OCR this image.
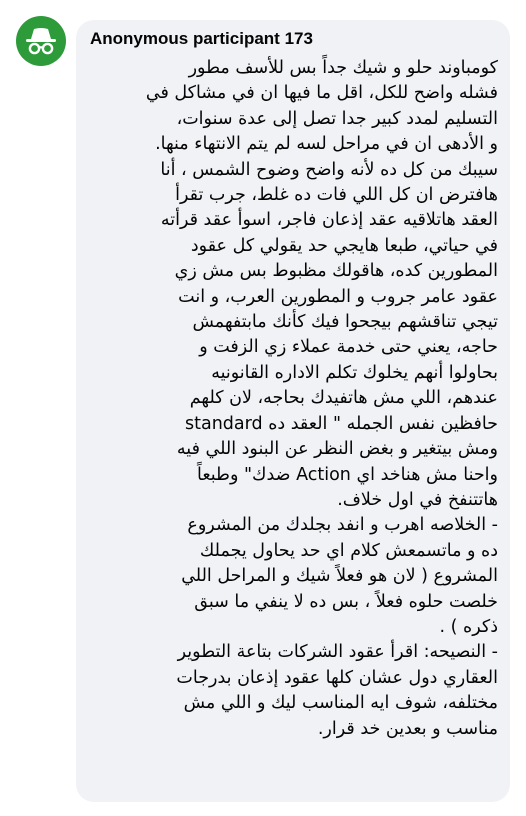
Anonymous participant 173
كومباوند حلو و شيك جداً بس للأسف مطور
فشله واضح للكل، اقل ما فيها ان في مشاكل في
التسليم لمدد كبير جدا تصل إلى عدة سنوات،
و الأدهى ان في مراحل لسه لم يتم الانتهاء منها.
سيبك من كل ده لأنه واضح وضوح الشمس ، أنا
هافترض ان كل اللي فات ده غلط، جرب تقرأ
العقد هاتلاقيه عقد إذعان فاجر، اسوأ عقد قرأته
في حياتي، طبعا هايجي حد يقولي كل عقود
المطورين كده، هاقولك مظبوط بس مش زي
عقود عامر جروب و المطورين العرب، و انت
تيجي تناقشهم بيجحوا فيك كأنك مابتفهمش
حاجه، يعني حتى خدمة عملاء زي الزفت و
بحاولوا أنهم يخلوك تكلم الاداره القانونيه
عندهم، اللي مش هاتفيدك بحاجه، لان كلهم
حافظين نفس الجمله " العقد ده standard
ومش بيتغير و بغض النظر عن البنود اللي فيه
واحنا مش هناخد اي Action ضدك" وطبعاً
هاتتنفخ في اول خلاف.
- الخلاصه اهرب و انفد بجلدك من المشروع
ده و ماتسمعش كلام اي حد يحاول يجملك
المشروع ( لان هو فعلاً شيك و المراحل اللي
خلصت حلوه فعلاً ، بس ده لا ينفي ما سبق
ذكره ) .
- النصيحه: اقرأ عقود الشركات بتاعة التطوير
العقاري دول عشان كلها عقود إذعان بدرجات
مختلفه، شوف ايه المناسب ليك و اللي مش
مناسب و بعدين خد قرار.
